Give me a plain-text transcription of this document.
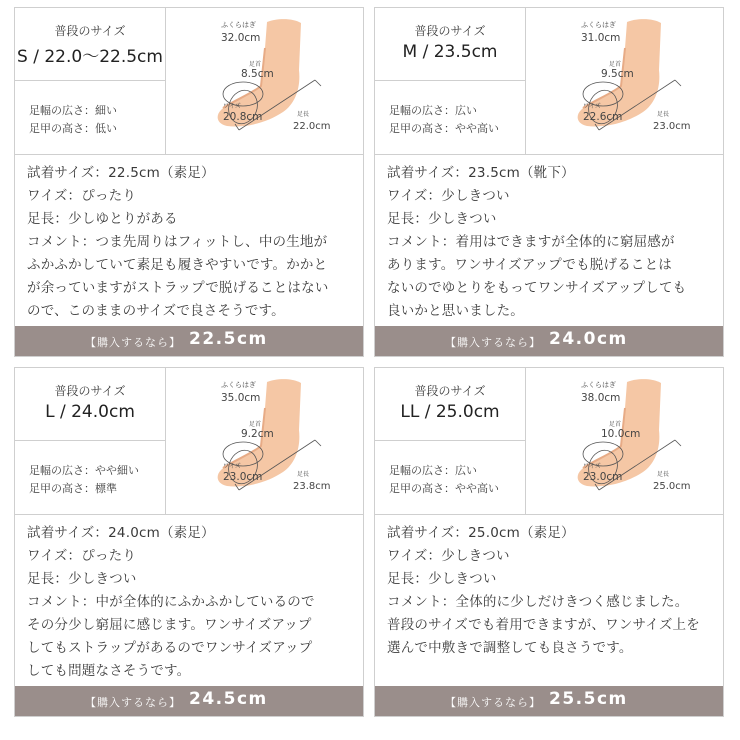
普段のサイズ
S / 22.0〜22.5cm
足幅の広さ：細い
足甲の高さ：低い
ふくらはぎ
32.0cm
足首
8.5cm
ワイズ
20.8cm	足長
22.0cm
試着サイズ：22.5cm（素足）
ワイズ：ぴったり
足長：少しゆとりがある
コメント：つま先周りはフィットし、中の生地が
ふかふかしていて素足も履きやすいです。かかと
が余っていますがストラップで脱げることはない
ので、このままのサイズで良さそうです。
【購入するなら】 22.5cm
普段のサイズ
M / 23.5cm
足幅の広さ：広い
足甲の高さ：やや高い
ふくらはぎ
31.0cm
足首
9.5cm
ワイズ
22.6cm	足長
23.0cm
試着サイズ：23.5cm（靴下）
ワイズ：少しきつい
足長：少しきつい
コメント：着用はできますが全体的に窮屈感が
あります。ワンサイズアップでも脱げることは
ないのでゆとりをもってワンサイズアップしても
良いかと思いました。
【購入するなら】 24.0cm
普段のサイズ
L / 24.0cm
足幅の広さ：やや細い
足甲の高さ：標準
ふくらはぎ
35.0cm
足首
9.2cm
ワイズ
23.0cm	足長
23.8cm
試着サイズ：24.0cm（素足）
ワイズ：ぴったり
足長：少しきつい
コメント：中が全体的にふかふかしているので
その分少し窮屈に感じます。ワンサイズアップ
してもストラップがあるのでワンサイズアップ
しても問題なさそうです。
【購入するなら】 24.5cm
普段のサイズ
LL / 25.0cm
足幅の広さ：広い
足甲の高さ：やや高い
ふくらはぎ
38.0cm
足首
10.0cm
ワイズ
23.0cm	足長
25.0cm
試着サイズ：25.0cm（素足）
ワイズ：少しきつい
足長：少しきつい
コメント：全体的に少しだけきつく感じました。
普段のサイズでも着用できますが、ワンサイズ上を
選んで中敷きで調整しても良さうです。
【購入するなら】 25.5cm
